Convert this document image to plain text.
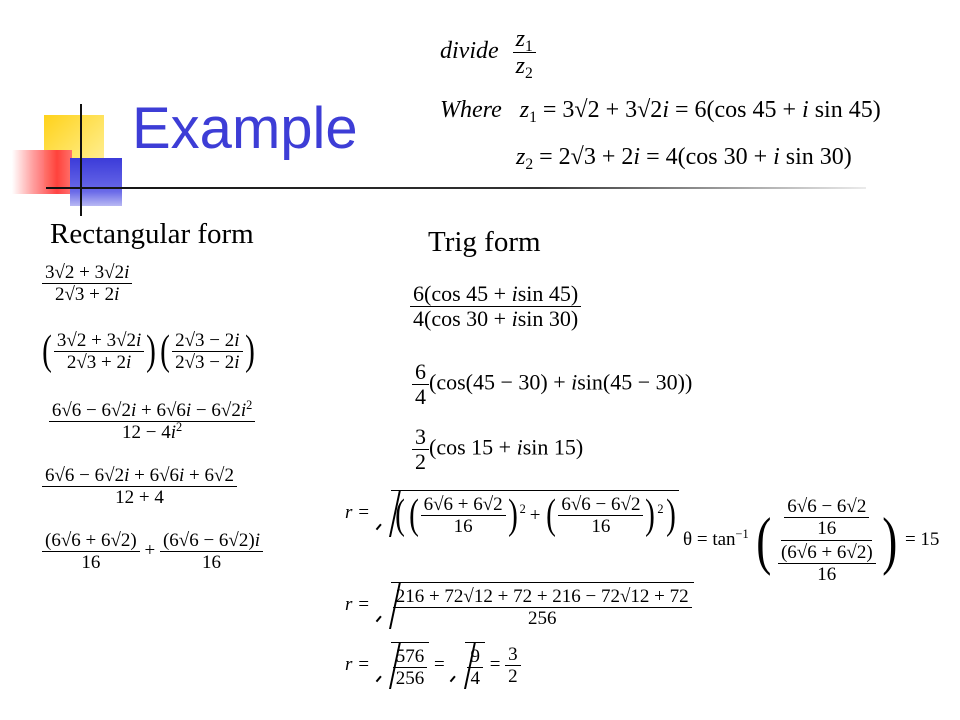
Example
divide $\frac{z_1}{z_2}$
Where $z_1 = 3√2 + 3√2i = 6(\cos$ 45 + i sin 45)
$z_2 = 2√3 + 2i = 4(\cos$ 30 + i sin 30)
Rectangular form	Trig form
$\frac{3√2 + 3√2i}{2√3 + 2i}$
( $\frac{3√2 + 3√2i}{2√3 + 2i}$ )( $\frac{2√3 - 2i}{2√3 - 2i}$ )
$\frac{6√6 - 6√2i + 6√6i - 6√2i^2}{12 - 4i^2}$
$\frac{6√6 - 6√2i + 6√6i + 6√2}{12 + 4}$
$\frac{(6√6 + 6√2)}{16} + \frac{(6√6 - 6√2)i}{16}$
$\frac{6(\cos 45 + isin 45)}{4(\cos 30 + isin 30)}$
$\frac{6}{4} (\cos(45 - 30) + isin(45 - 30))$
$\frac{3}{2} (\cos$ 15 + isin 15)
r = ( ( $\frac{6√6 + 6√2}{16}$ ) 2 + ( $\frac{6√6 - 6√2}{16}$ ) 2 )
$r = \frac{216 + 72√12 + 72 + 216 - 72√12 + 72}{256}$
$r = \frac{576}{256} = \frac{9}{4} = \frac{3}{2}$
$\theta = \tan^{-1}$ ( $\frac{\frac{6√6 - 6√2}{16}}{\frac{(6√6 + 6√2)}{16}}$ ) = 15
